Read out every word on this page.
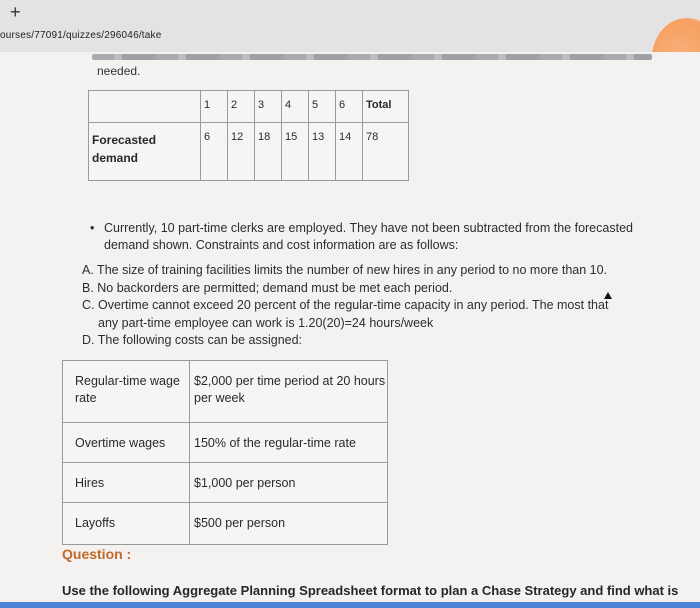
+
ourses/77091/quizzes/296046/take
needed.
	1	2	3	4	5	6	Total
Forecasted demand	6	12	18	15	13	14	78
• Currently, 10 part-time clerks are employed. They have not been subtracted from the forecasted
demand shown. Constraints and cost information are as follows:
A. The size of training facilities limits the number of new hires in any period to no more than 10.
B. No backorders are permitted; demand must be met each period.
C. Overtime cannot exceed 20 percent of the regular-time capacity in any period. The most that
any part-time employee can work is 1.20(20)=24 hours/week
D. The following costs can be assigned:
Regular-time wage rate	$2,000 per time period at 20 hours per week
Overtime wages	150% of the regular-time rate
Hires	$1,000 per person
Layoffs	$500 per person
Question :
Use the following Aggregate Planning Spreadsheet format to plan a Chase Strategy and find what is
